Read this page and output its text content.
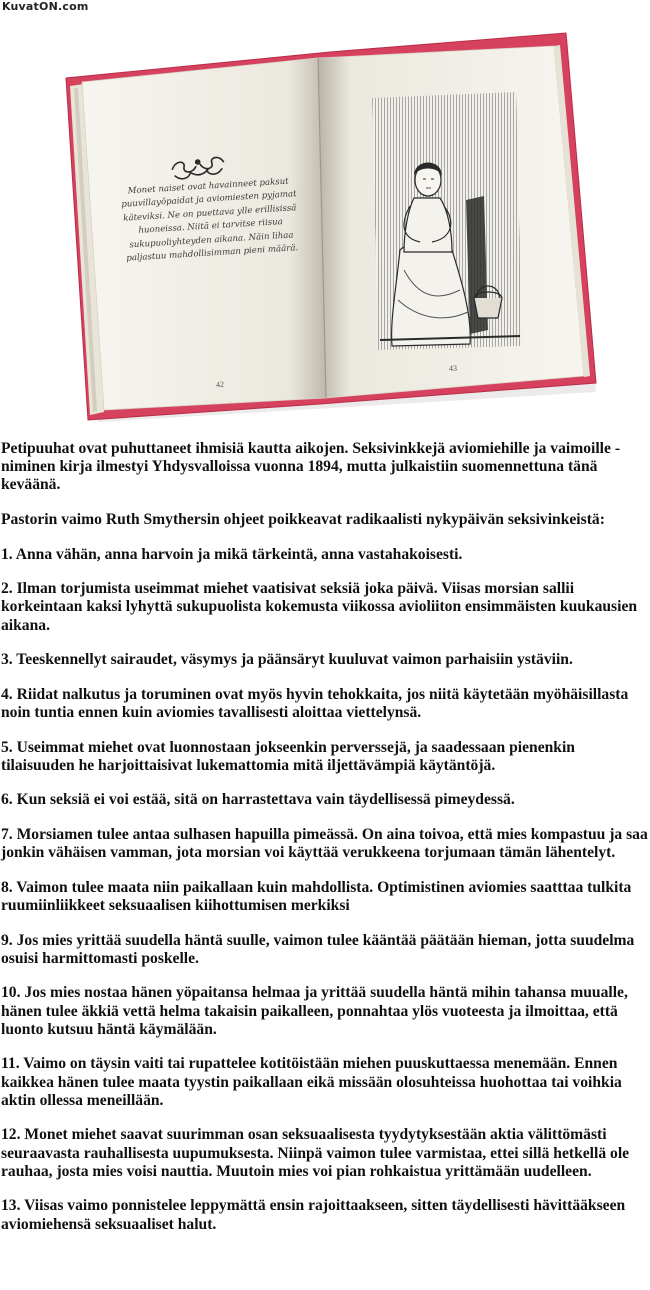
KuvatON.com
Monet naiset ovat havainneet paksut puuvillayöpaidat ja aviomiesten pyjamat käteviksi. Ne on puettava ylle erillisissä huoneissa. Niitä ei tarvitse riisua sukupuoliyhteyden aikana. Näin lihaa paljastuu mahdollisimman pieni määrä.
42
43

Petipuuhat ovat puhuttaneet ihmisiä kautta aikojen. Seksivinkkejä aviomiehille ja vaimoille -niminen kirja ilmestyi Yhdysvalloissa vuonna 1894, mutta julkaistiin suomennettuna tänä keväänä.

Pastorin vaimo Ruth Smythersin ohjeet poikkeavat radikaalisti nykypäivän seksivinkeistä:

1. Anna vähän, anna harvoin ja mikä tärkeintä, anna vastahakoisesti.

2. Ilman torjumista useimmat miehet vaatisivat seksiä joka päivä. Viisas morsian sallii korkeintaan kaksi lyhyttä sukupuolista kokemusta viikossa avioliiton ensimmäisten kuukausien aikana.

3. Teeskennellyt sairaudet, väsymys ja päänsäryt kuuluvat vaimon parhaisiin ystäviin.

4. Riidat nalkutus ja toruminen ovat myös hyvin tehokkaita, jos niitä käytetään myöhäisillasta noin tuntia ennen kuin aviomies tavallisesti aloittaa viettelynsä.

5. Useimmat miehet ovat luonnostaan jokseenkin perverssejä, ja saadessaan pienenkin tilaisuuden he harjoittaisivat lukemattomia mitä iljettävämpiä käytäntöjä.

6. Kun seksiä ei voi estää, sitä on harrastettava vain täydellisessä pimeydessä.

7. Morsiamen tulee antaa sulhasen hapuilla pimeässä. On aina toivoa, että mies kompastuu ja saa jonkin vähäisen vamman, jota morsian voi käyttää verukkeena torjumaan tämän lähentelyt.

8. Vaimon tulee maata niin paikallaan kuin mahdollista. Optimistinen aviomies saatttaa tulkita ruumiinliikkeet seksuaalisen kiihottumisen merkiksi

9. Jos mies yrittää suudella häntä suulle, vaimon tulee kääntää päätään hieman, jotta suudelma osuisi harmittomasti poskelle.

10. Jos mies nostaa hänen yöpaitansa helmaa ja yrittää suudella häntä mihin tahansa muualle, hänen tulee äkkiä vettä helma takaisin paikalleen, ponnahtaa ylös vuoteesta ja ilmoittaa, että luonto kutsuu häntä käymälään.

11. Vaimo on täysin vaiti tai rupattelee kotitöistään miehen puuskuttaessa menemään. Ennen kaikkea hänen tulee maata tyystin paikallaan eikä missään olosuhteissa huohottaa tai voihkia aktin ollessa meneillään.

12. Monet miehet saavat suurimman osan seksuaalisesta tyydytyksestään aktia välittömästi seuraavasta rauhallisesta uupumuksesta. Niinpä vaimon tulee varmistaa, ettei sillä hetkellä ole rauhaa, josta mies voisi nauttia. Muutoin mies voi pian rohkaistua yrittämään uudelleen.

13. Viisas vaimo ponnistelee leppymättä ensin rajoittaakseen, sitten täydellisesti hävittääkseen aviomiehensä seksuaaliset halut.
